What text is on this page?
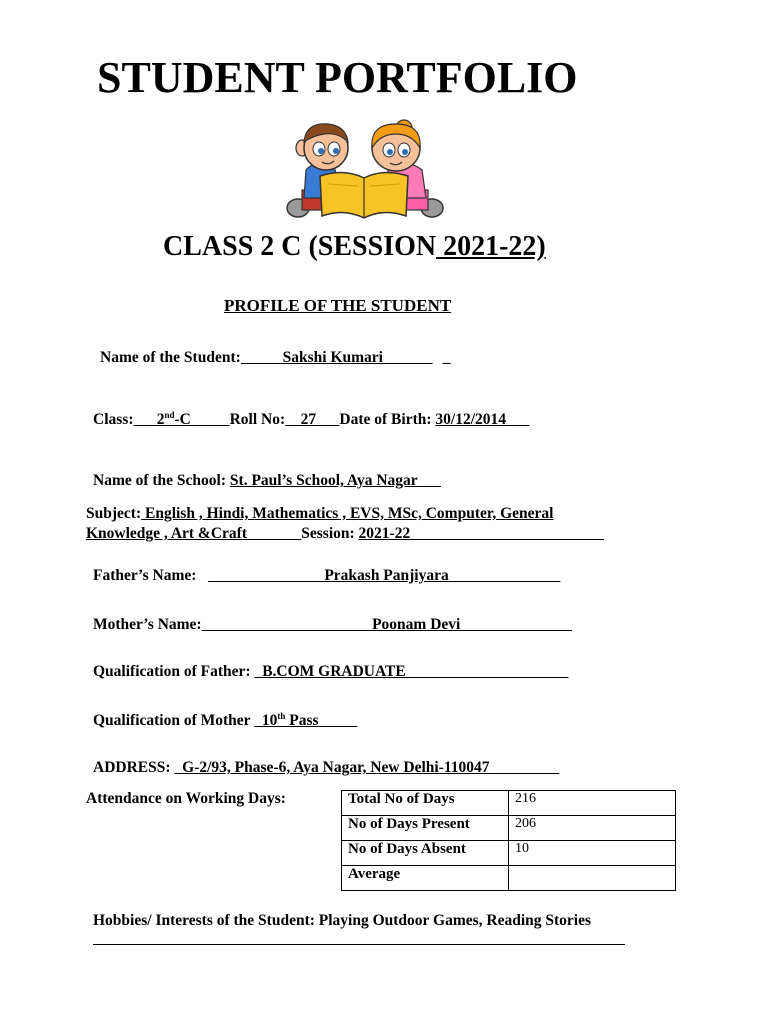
STUDENT PORTFOLIO
CLASS 2 C (SESSION 2021-22)
PROFILE OF THE STUDENT
Name of the Student:    	Sakshi Kumari    	_
Class:   2nd-C   	Roll No:  27   Date of Birth: 30/12/2014  
Name of the School: St. Paul’s School, Aya Nagar  
Subject: English , Hindi, Mathematics , EVS, MSc, Computer, General
Knowledge , Art &Craft    	Session: 2021-22             
Father’s Name:          	Prakash Panjiyara        
Mother’s Name:           	Poonam Devi        
Qualification of Father:   B.COM GRADUATE           
Qualification of Mother   10th Pass   
ADDRESS:   G-2/93, Phase-6, Aya Nagar, New Delhi-110047     
Attendance on Working Days:	Total No of Days	216
No of Days Present	206
No of Days Absent	10
Average	
Hobbies/ Interests of the Student: Playing Outdoor Games, Reading Stories
